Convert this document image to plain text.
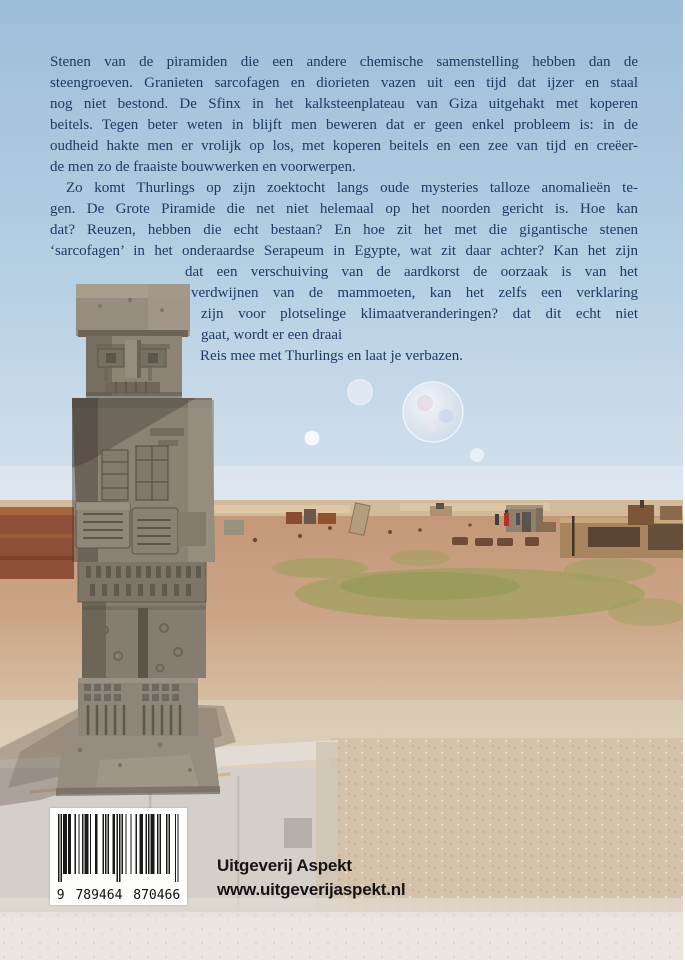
Stenen van de piramiden die een andere chemische samenstelling hebben dan de
steengroeven. Granieten sarcofagen en diorieten vazen uit een tijd dat ijzer en staal
nog niet bestond. De Sfinx in het kalksteenplateau van Giza uitgehakt met koperen
beitels. Tegen beter weten in blijft men beweren dat er geen enkel probleem is: in de
oudheid hakte men er vrolijk op los, met koperen beitels en een zee van tijd en creëer-
de men zo de fraaiste bouwwerken en voorwerpen.
Zo komt Thurlings op zijn zoektocht langs oude mysteries talloze anomalieën te-
gen. De Grote Piramide die net niet helemaal op het noorden gericht is. Hoe kan
dat? Reuzen, hebben die echt bestaan? En hoe zit het met die gigantische stenen
‘sarcofagen’ in het onderaardse Serapeum in Egypte, wat zit daar achter? Kan het zijn
dat een verschuiving van de aardkorst de oorzaak is van het
verdwijnen van de mammoeten, kan het zelfs een verklaring
zijn voor plotselinge klimaatveranderingen? dat dit echt niet
gaat, wordt er een draai
Reis mee met Thurlings en laat je verbazen.
9 789464 870466
Uitgeverij Aspekt
www.uitgeverijaspekt.nl
